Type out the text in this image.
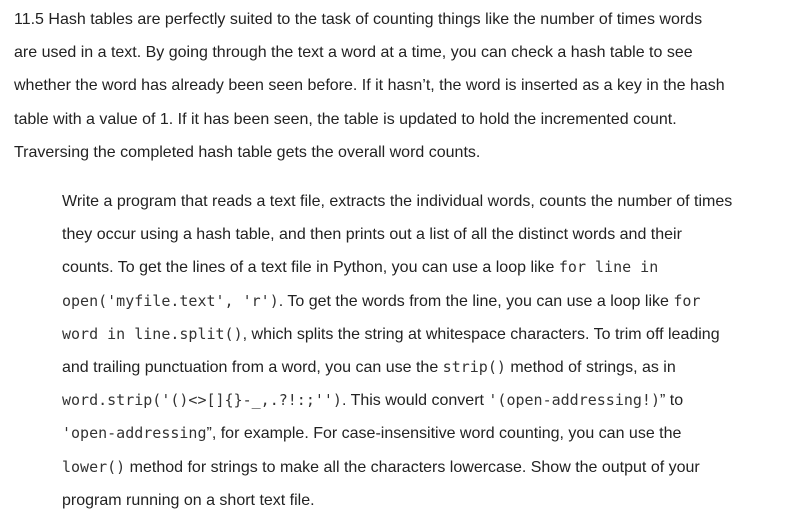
11.5 Hash tables are perfectly suited to the task of counting things like the number of times words
are used in a text. By going through the text a word at a time, you can check a hash table to see
whether the word has already been seen before. If it hasn’t, the word is inserted as a key in the hash
table with a value of 1. If it has been seen, the table is updated to hold the incremented count.
Traversing the completed hash table gets the overall word counts.
Write a program that reads a text file, extracts the individual words, counts the number of times
they occur using a hash table, and then prints out a list of all the distinct words and their
counts. To get the lines of a text file in Python, you can use a loop like for line in
open('myfile.text', 'r'). To get the words from the line, you can use a loop like for
word in line.split(), which splits the string at whitespace characters. To trim off leading
and trailing punctuation from a word, you can use the strip() method of strings, as in
word.strip('()<>[]{}-_,.?!:;''). This would convert '(open-addressing!)” to
'open-addressing”, for example. For case-insensitive word counting, you can use the
lower() method for strings to make all the characters lowercase. Show the output of your
program running on a short text file.
